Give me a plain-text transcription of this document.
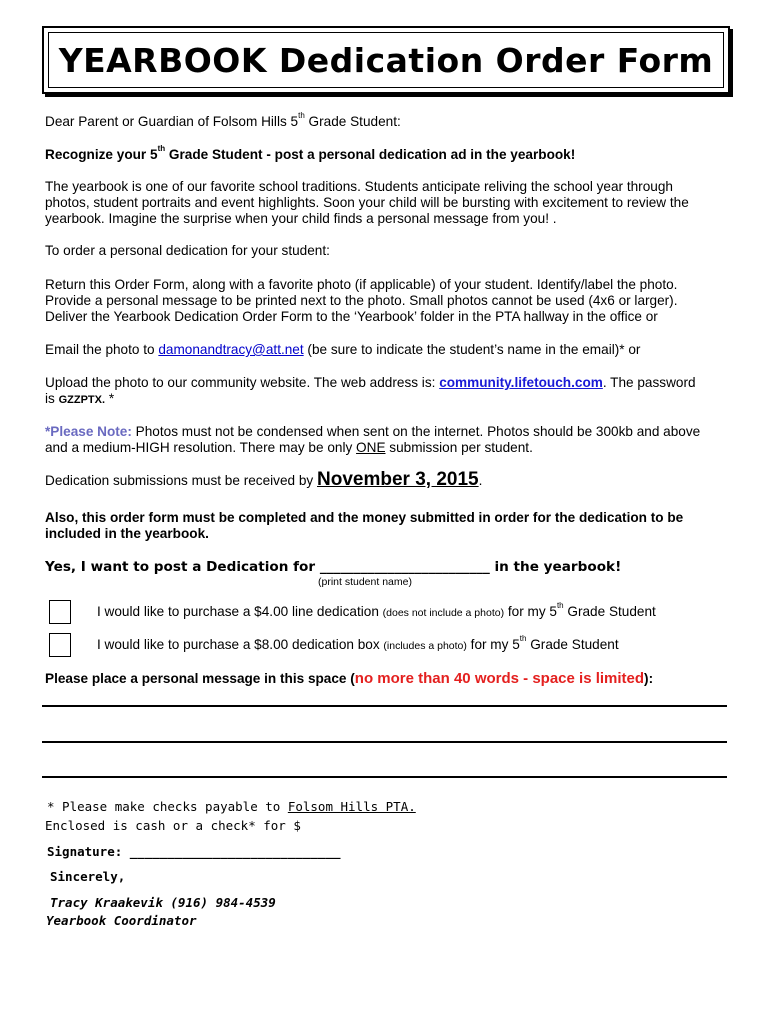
YEARBOOK Dedication Order Form
Dear Parent or Guardian of Folsom Hills 5th Grade Student:
Recognize your 5th Grade Student - post a personal dedication ad in the yearbook!
The yearbook is one of our favorite school traditions. Students anticipate reliving the school year through
photos, student portraits and event highlights. Soon your child will be bursting with excitement to review the
yearbook. Imagine the surprise when your child finds a personal message from you! .
To order a personal dedication for your student:
Return this Order Form, along with a favorite photo (if applicable) of your student. Identify/label the photo.
Provide a personal message to be printed next to the photo. Small photos cannot be used (4x6 or larger).
Deliver the Yearbook Dedication Order Form to the ‘Yearbook’ folder in the PTA hallway in the office or
Email the photo to damonandtracy@att.net (be sure to indicate the student’s name in the email)* or
Upload the photo to our community website. The web address is: community.lifetouch.com. The password
is GZZPTX. *
*Please Note: Photos must not be condensed when sent on the internet. Photos should be 300kb and above
and a medium-HIGH resolution. There may be only ONE submission per student.
Dedication submissions must be received by November 3, 2015.
Also, this order form must be completed and the money submitted in order for the dedication to be
included in the yearbook.
Yes, I want to post a Dedication for _________________________ in the yearbook!
(print student name)
I would like to purchase a $4.00 line dedication (does not include a photo) for my 5th Grade Student
I would like to purchase a $8.00 dedication box (includes a photo) for my 5th Grade Student
Please place a personal message in this space (no more than 40 words - space is limited):
* Please make checks payable to Folsom Hills PTA.
Enclosed is cash or a check* for $
Signature: ____________________________
Sincerely,
Tracy Kraakevik (916) 984-4539
Yearbook Coordinator
